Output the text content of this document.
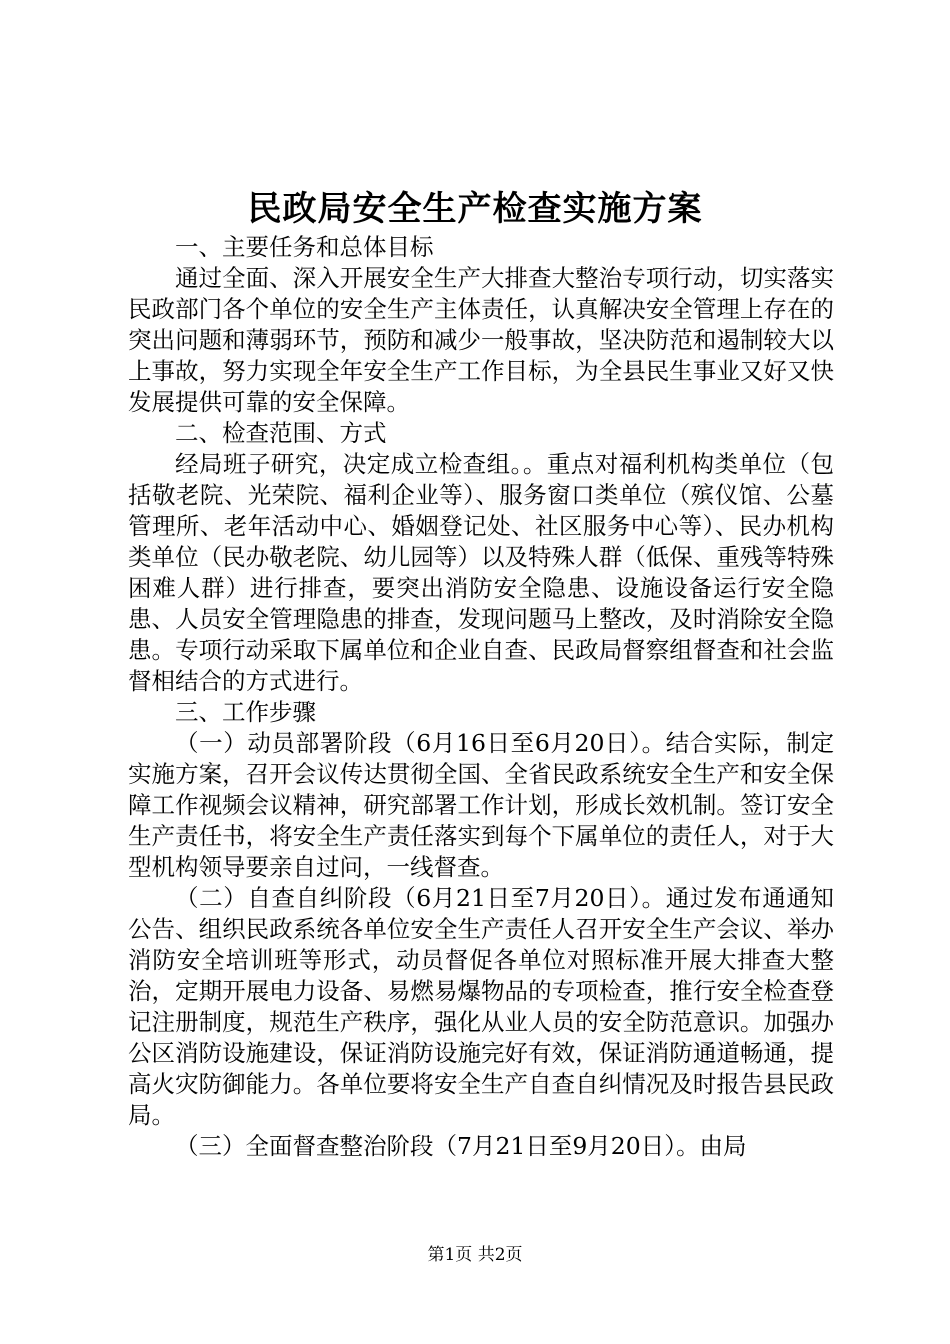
民政局安全生产检查实施方案

一、主要任务和总体目标

通过全面、深入开展安全生产大排查大整治专项行动，切实落实民政部门各个单位的安全生产主体责任，认真解决安全管理上存在的突出问题和薄弱环节，预防和减少一般事故，坚决防范和遏制较大以上事故，努力实现全年安全生产工作目标，为全县民生事业又好又快发展提供可靠的安全保障。

二、检查范围、方式

经局班子研究，决定成立检查组。。重点对福利机构类单位（包括敬老院、光荣院、福利企业等）、服务窗口类单位（殡仪馆、公墓管理所、老年活动中心、婚姻登记处、社区服务中心等）、民办机构类单位（民办敬老院、幼儿园等）以及特殊人群（低保、重残等特殊困难人群）进行排查，要突出消防安全隐患、设施设备运行安全隐患、人员安全管理隐患的排查，发现问题马上整改，及时消除安全隐患。专项行动采取下属单位和企业自查、民政局督察组督查和社会监督相结合的方式进行。

三、工作步骤

（一）动员部署阶段（6月16日至6月20日）。结合实际，制定实施方案，召开会议传达贯彻全国、全省民政系统安全生产和安全保障工作视频会议精神，研究部署工作计划，形成长效机制。签订安全生产责任书，将安全生产责任落实到每个下属单位的责任人，对于大型机构领导要亲自过问，一线督查。

（二）自查自纠阶段（6月21日至7月20日）。通过发布通通知公告、组织民政系统各单位安全生产责任人召开安全生产会议、举办消防安全培训班等形式，动员督促各单位对照标准开展大排查大整治，定期开展电力设备、易燃易爆物品的专项检查，推行安全检查登记注册制度，规范生产秩序，强化从业人员的安全防范意识。加强办公区消防设施建设，保证消防设施完好有效，保证消防通道畅通，提高火灾防御能力。各单位要将安全生产自查自纠情况及时报告县民政局。

（三）全面督查整治阶段（7月21日至9月20日）。由局

第1页 共2页
